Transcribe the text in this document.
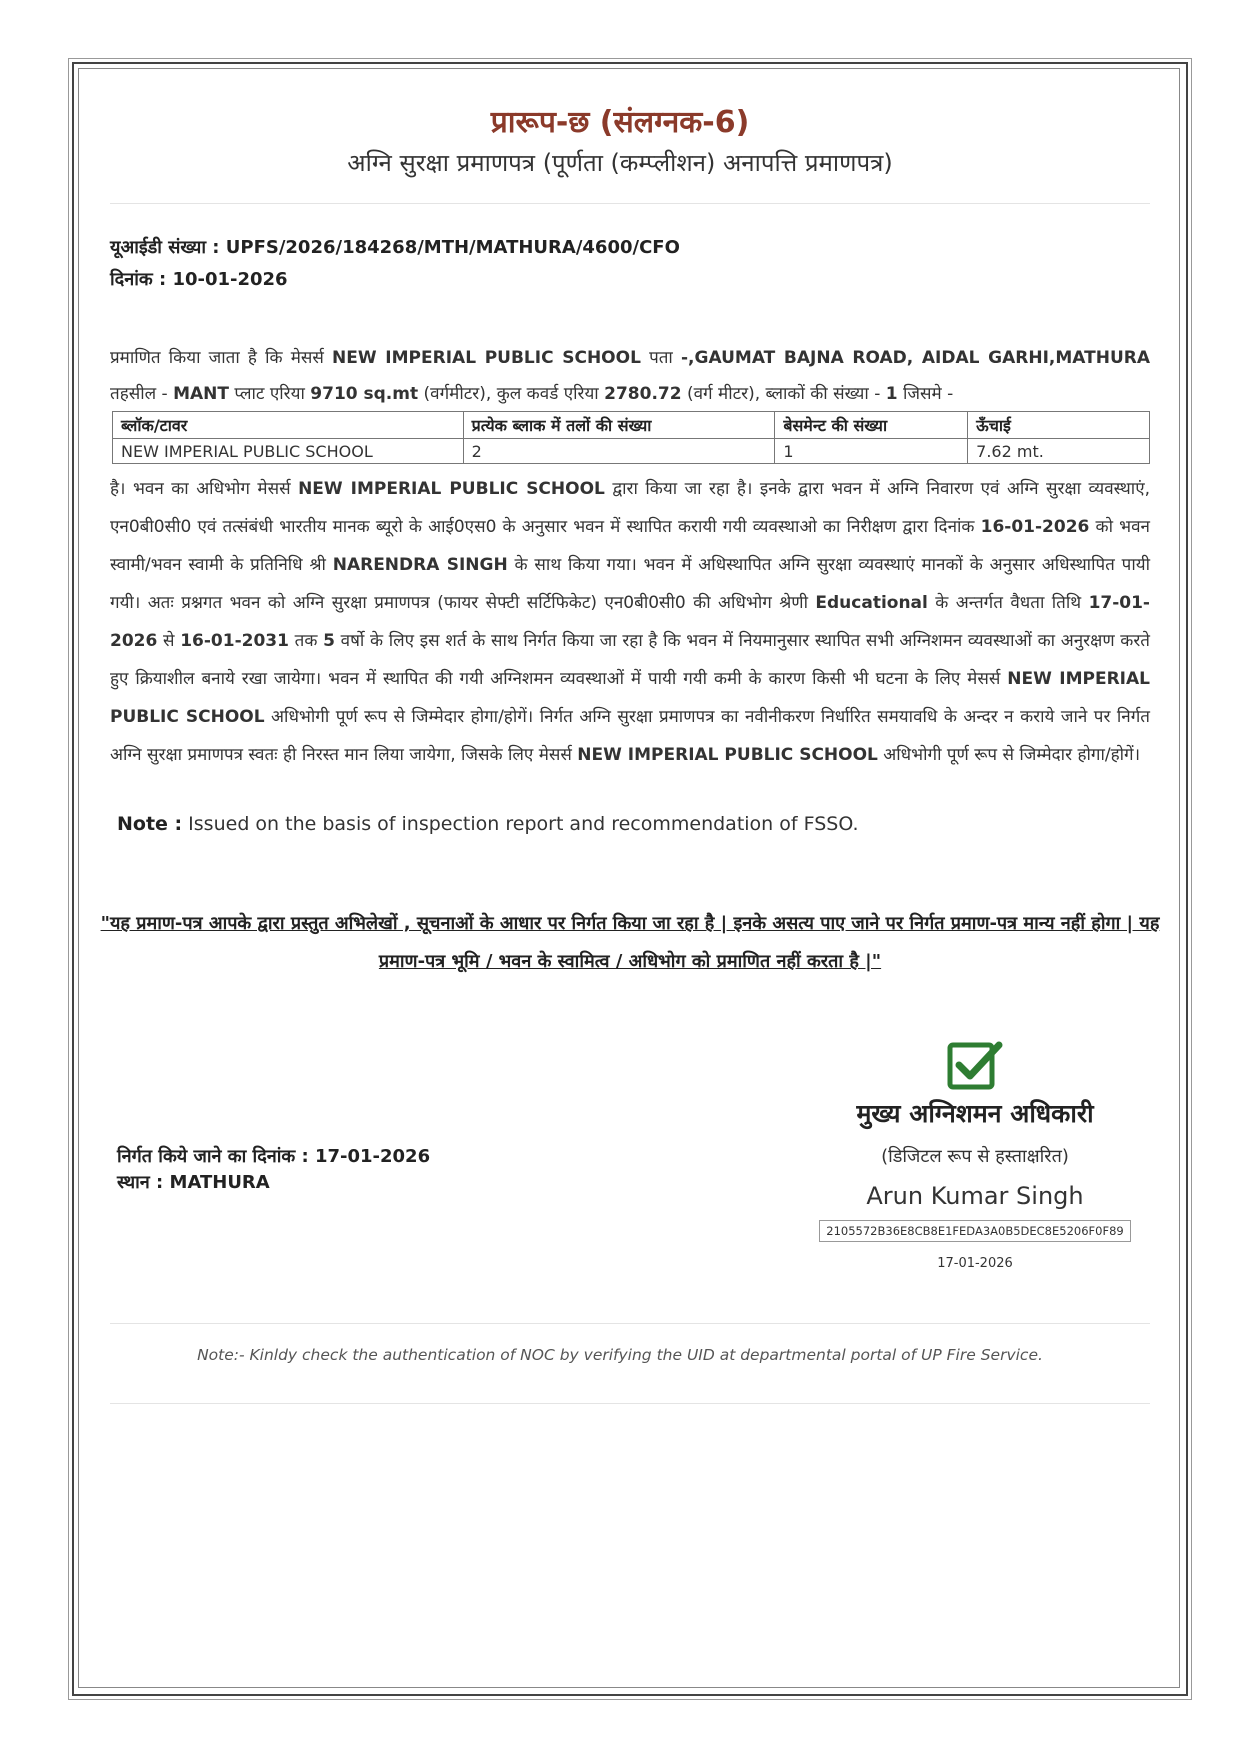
प्रारूप-छ (संलग्नक-6)
अग्नि सुरक्षा प्रमाणपत्र (पूर्णता (कम्प्लीशन) अनापत्ति प्रमाणपत्र)
यूआईडी संख्या : UPFS/2026/184268/MTH/MATHURA/4600/CFO
दिनांक : 10-01-2026
प्रमाणित किया जाता है कि मेसर्स NEW IMPERIAL PUBLIC SCHOOL पता -,GAUMAT BAJNA ROAD, AIDAL GARHI,MATHURA तहसील - MANT प्लाट एरिया 9710 sq.mt (वर्गमीटर), कुल कवर्ड एरिया 2780.72 (वर्ग मीटर), ब्लाकों की संख्या - 1 जिसमे -
ब्लॉक/टावर	प्रत्येक ब्लाक में तलों की संख्या	बेसमेन्ट की संख्या	ऊँचाई
NEW IMPERIAL PUBLIC SCHOOL	2	1	7.62 mt.
है। भवन का अधिभोग मेसर्स NEW IMPERIAL PUBLIC SCHOOL द्वारा किया जा रहा है। इनके द्वारा भवन में अग्नि निवारण एवं अग्नि सुरक्षा व्यवस्थाएं, एन0बी0सी0 एवं तत्संबंधी भारतीय मानक ब्यूरो के आई0एस0 के अनुसार भवन में स्थापित करायी गयी व्यवस्थाओ का निरीक्षण द्वारा दिनांक 16-01-2026 को भवन स्वामी/भवन स्वामी के प्रतिनिधि श्री NARENDRA SINGH के साथ किया गया। भवन में अधिस्थापित अग्नि सुरक्षा व्यवस्थाएं मानकों के अनुसार अधिस्थापित पायी गयी। अतः प्रश्नगत भवन को अग्नि सुरक्षा प्रमाणपत्र (फायर सेफ्टी सर्टिफिकेट) एन0बी0सी0 की अधिभोग श्रेणी Educational के अन्तर्गत वैधता तिथि 17-01-2026 से 16-01-2031 तक 5 वर्षो के लिए इस शर्त के साथ निर्गत किया जा रहा है कि भवन में नियमानुसार स्थापित सभी अग्निशमन व्यवस्थाओं का अनुरक्षण करते हुए क्रियाशील बनाये रखा जायेगा। भवन में स्थापित की गयी अग्निशमन व्यवस्थाओं में पायी गयी कमी के कारण किसी भी घटना के लिए मेसर्स NEW IMPERIAL PUBLIC SCHOOL अधिभोगी पूर्ण रूप से जिम्मेदार होगा/होगें। निर्गत अग्नि सुरक्षा प्रमाणपत्र का नवीनीकरण निर्धारित समयावधि के अन्दर न कराये जाने पर निर्गत अग्नि सुरक्षा प्रमाणपत्र स्वतः ही निरस्त मान लिया जायेगा, जिसके लिए मेसर्स NEW IMPERIAL PUBLIC SCHOOL अधिभोगी पूर्ण रूप से जिम्मेदार होगा/होगें।
Note : Issued on the basis of inspection report and recommendation of FSSO.
"यह प्रमाण-पत्र आपके द्वारा प्रस्तुत अभिलेखों , सूचनाओं के आधार पर निर्गत किया जा रहा है | इनके असत्य पाए जाने पर निर्गत प्रमाण-पत्र मान्य नहीं होगा | यह प्रमाण-पत्र भूमि / भवन के स्वामित्व / अधिभोग को प्रमाणित नहीं करता है |"
निर्गत किये जाने का दिनांक : 17-01-2026
स्थान : MATHURA
मुख्य अग्निशमन अधिकारी
(डिजिटल रूप से हस्ताक्षरित)
Arun Kumar Singh
2105572B36E8CB8E1FEDA3A0B5DEC8E5206F0F89
17-01-2026
Note:- Kinldy check the authentication of NOC by verifying the UID at departmental portal of UP Fire Service.
